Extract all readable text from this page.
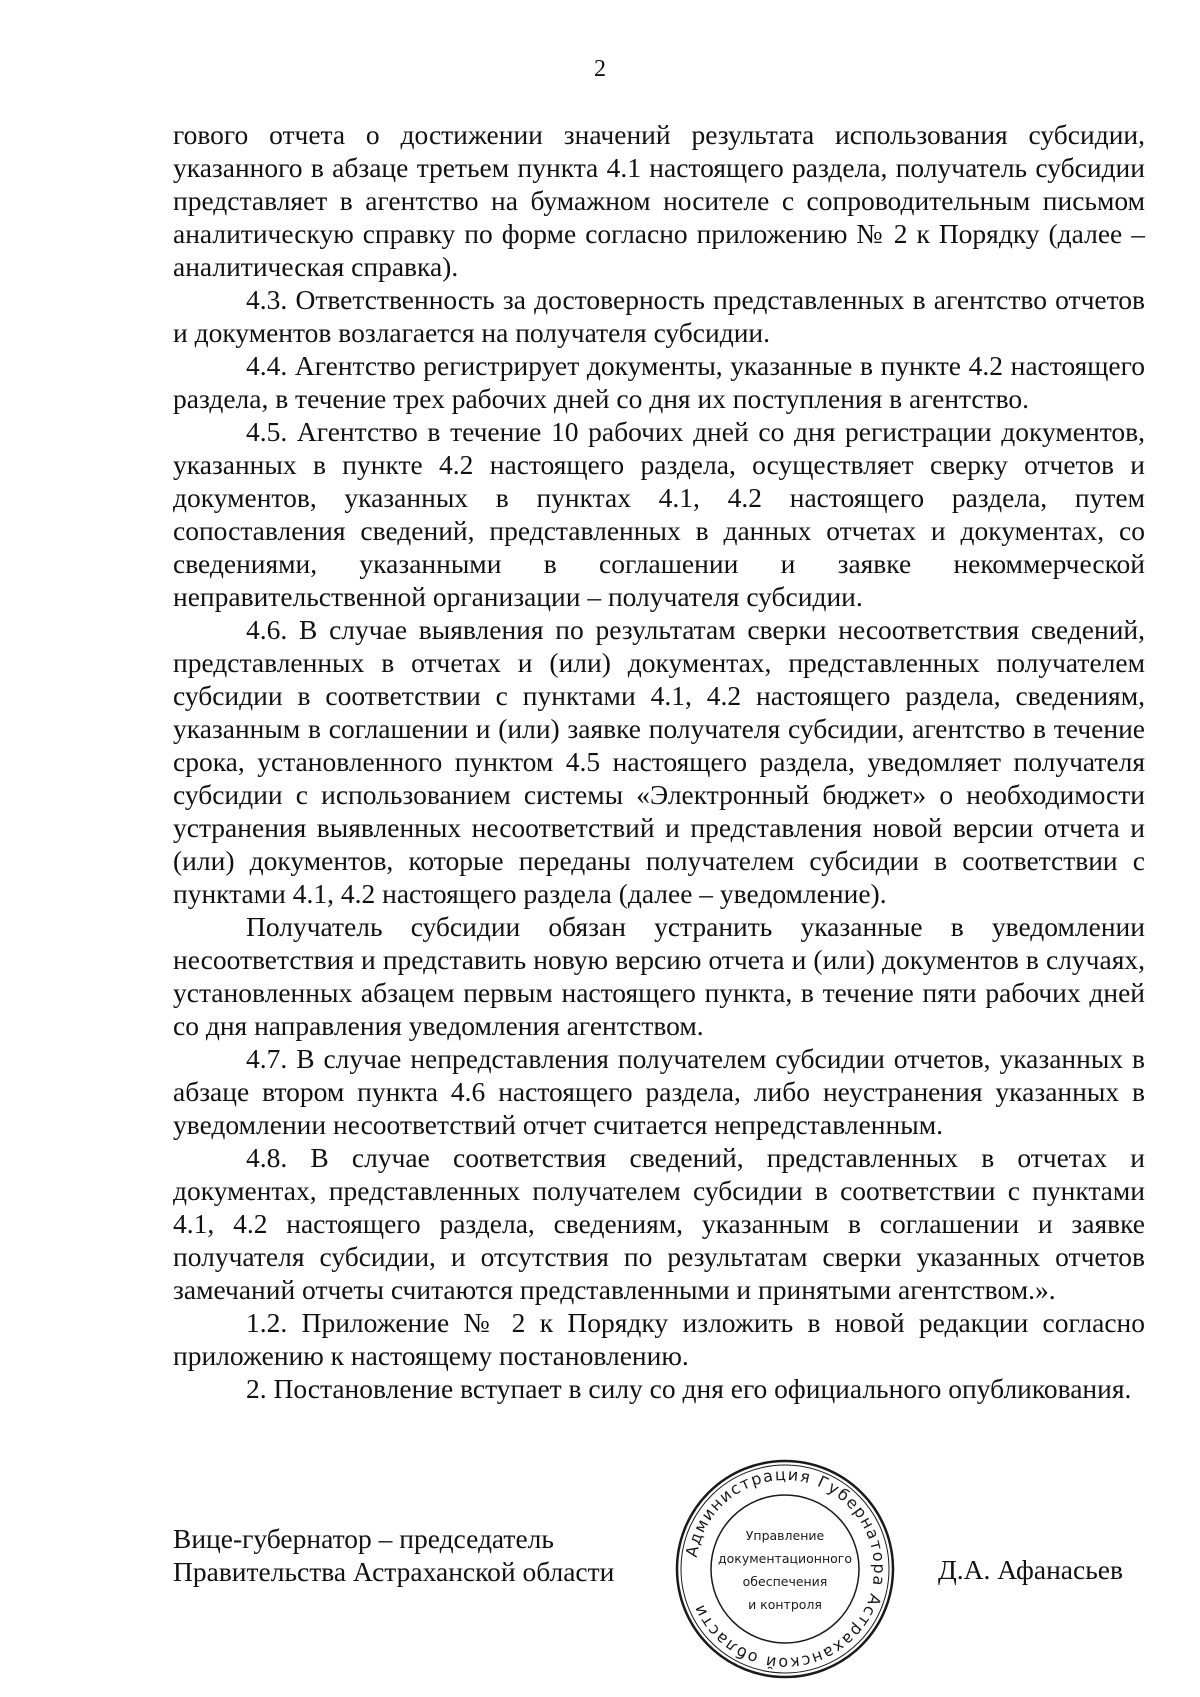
2

гового отчета о достижении значений результата использования субсидии, указанного в абзаце третьем пункта 4.1 настоящего раздела, получатель субсидии представляет в агентство на бумажном носителе с сопроводительным письмом аналитическую справку по форме согласно приложению № 2 к Порядку (далее – аналитическая справка).

4.3. Ответственность за достоверность представленных в агентство отчетов и документов возлагается на получателя субсидии.

4.4. Агентство регистрирует документы, указанные в пункте 4.2 настоящего раздела, в течение трех рабочих дней со дня их поступления в агентство.

4.5. Агентство в течение 10 рабочих дней со дня регистрации документов, указанных в пункте 4.2 настоящего раздела, осуществляет сверку отчетов и документов, указанных в пунктах 4.1, 4.2 настоящего раздела, путем сопоставления сведений, представленных в данных отчетах и документах, со сведениями, указанными в соглашении и заявке некоммерческой неправительственной организации – получателя субсидии.

4.6. В случае выявления по результатам сверки несоответствия сведений, представленных в отчетах и (или) документах, представленных получателем субсидии в соответствии с пунктами 4.1, 4.2 настоящего раздела, сведениям, указанным в соглашении и (или) заявке получателя субсидии, агентство в течение срока, установленного пунктом 4.5 настоящего раздела, уведомляет получателя субсидии с использованием системы «Электронный бюджет» о необходимости устранения выявленных несоответствий и представления новой версии отчета и (или) документов, которые переданы получателем субсидии в соответствии с пунктами 4.1, 4.2 настоящего раздела (далее – уведомление).

Получатель субсидии обязан устранить указанные в уведомлении несоответствия и представить новую версию отчета и (или) документов в случаях, установленных абзацем первым настоящего пункта, в течение пяти рабочих дней со дня направления уведомления агентством.

4.7. В случае непредставления получателем субсидии отчетов, указанных в абзаце втором пункта 4.6 настоящего раздела, либо неустранения указанных в уведомлении несоответствий отчет считается непредставленным.

4.8. В случае соответствия сведений, представленных в отчетах и документах, представленных получателем субсидии в соответствии с пунктами 4.1, 4.2 настоящего раздела, сведениям, указанным в соглашении и заявке получателя субсидии, и отсутствия по результатам сверки указанных отчетов замечаний отчеты считаются представленными и принятыми агентством.».

1.2. Приложение № 2 к Порядку изложить в новой редакции согласно приложению к настоящему постановлению.

2. Постановление вступает в силу со дня его официального опубликования.

Вице-губернатор – председатель
Правительства Астраханской области
Администрация Губернатора Астраханской области
Управление
документационного
обеспечения
и контроля
Д.А. Афанасьев
